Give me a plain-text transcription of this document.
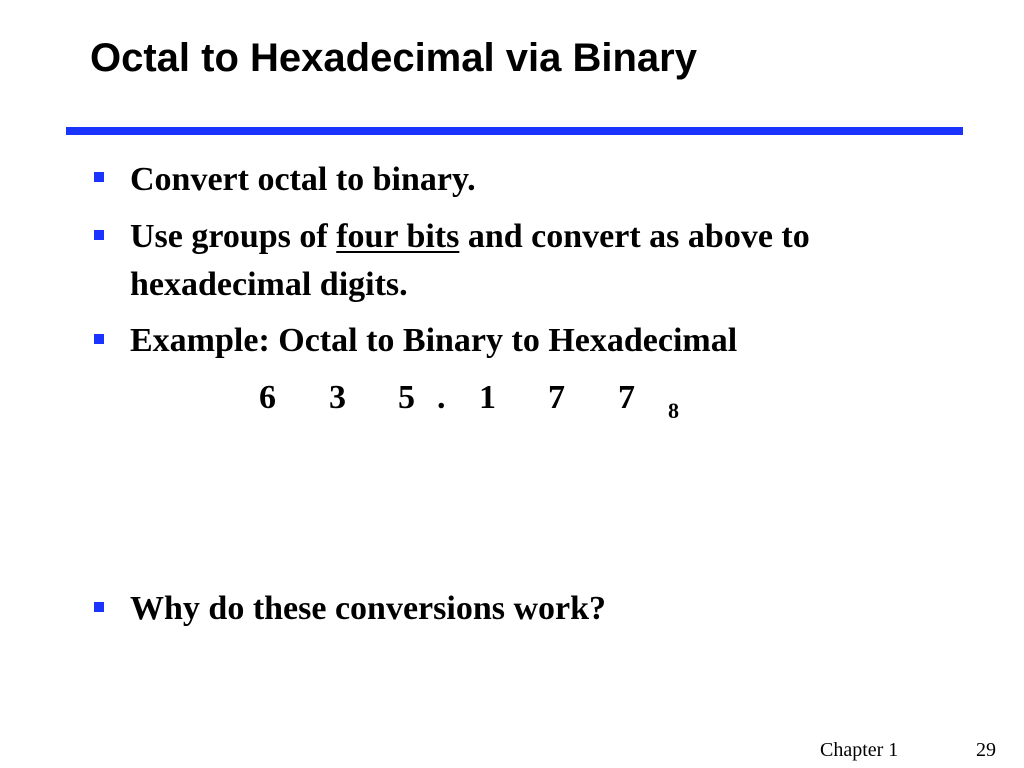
Octal to Hexadecimal via Binary

Convert octal to binary.

Use groups of four bits and convert as above to

hexadecimal digits.

Example: Octal to Binary to Hexadecimal

6 3 5 . 1 7 7 8

Why do these conversions work?

Chapter 1	29
